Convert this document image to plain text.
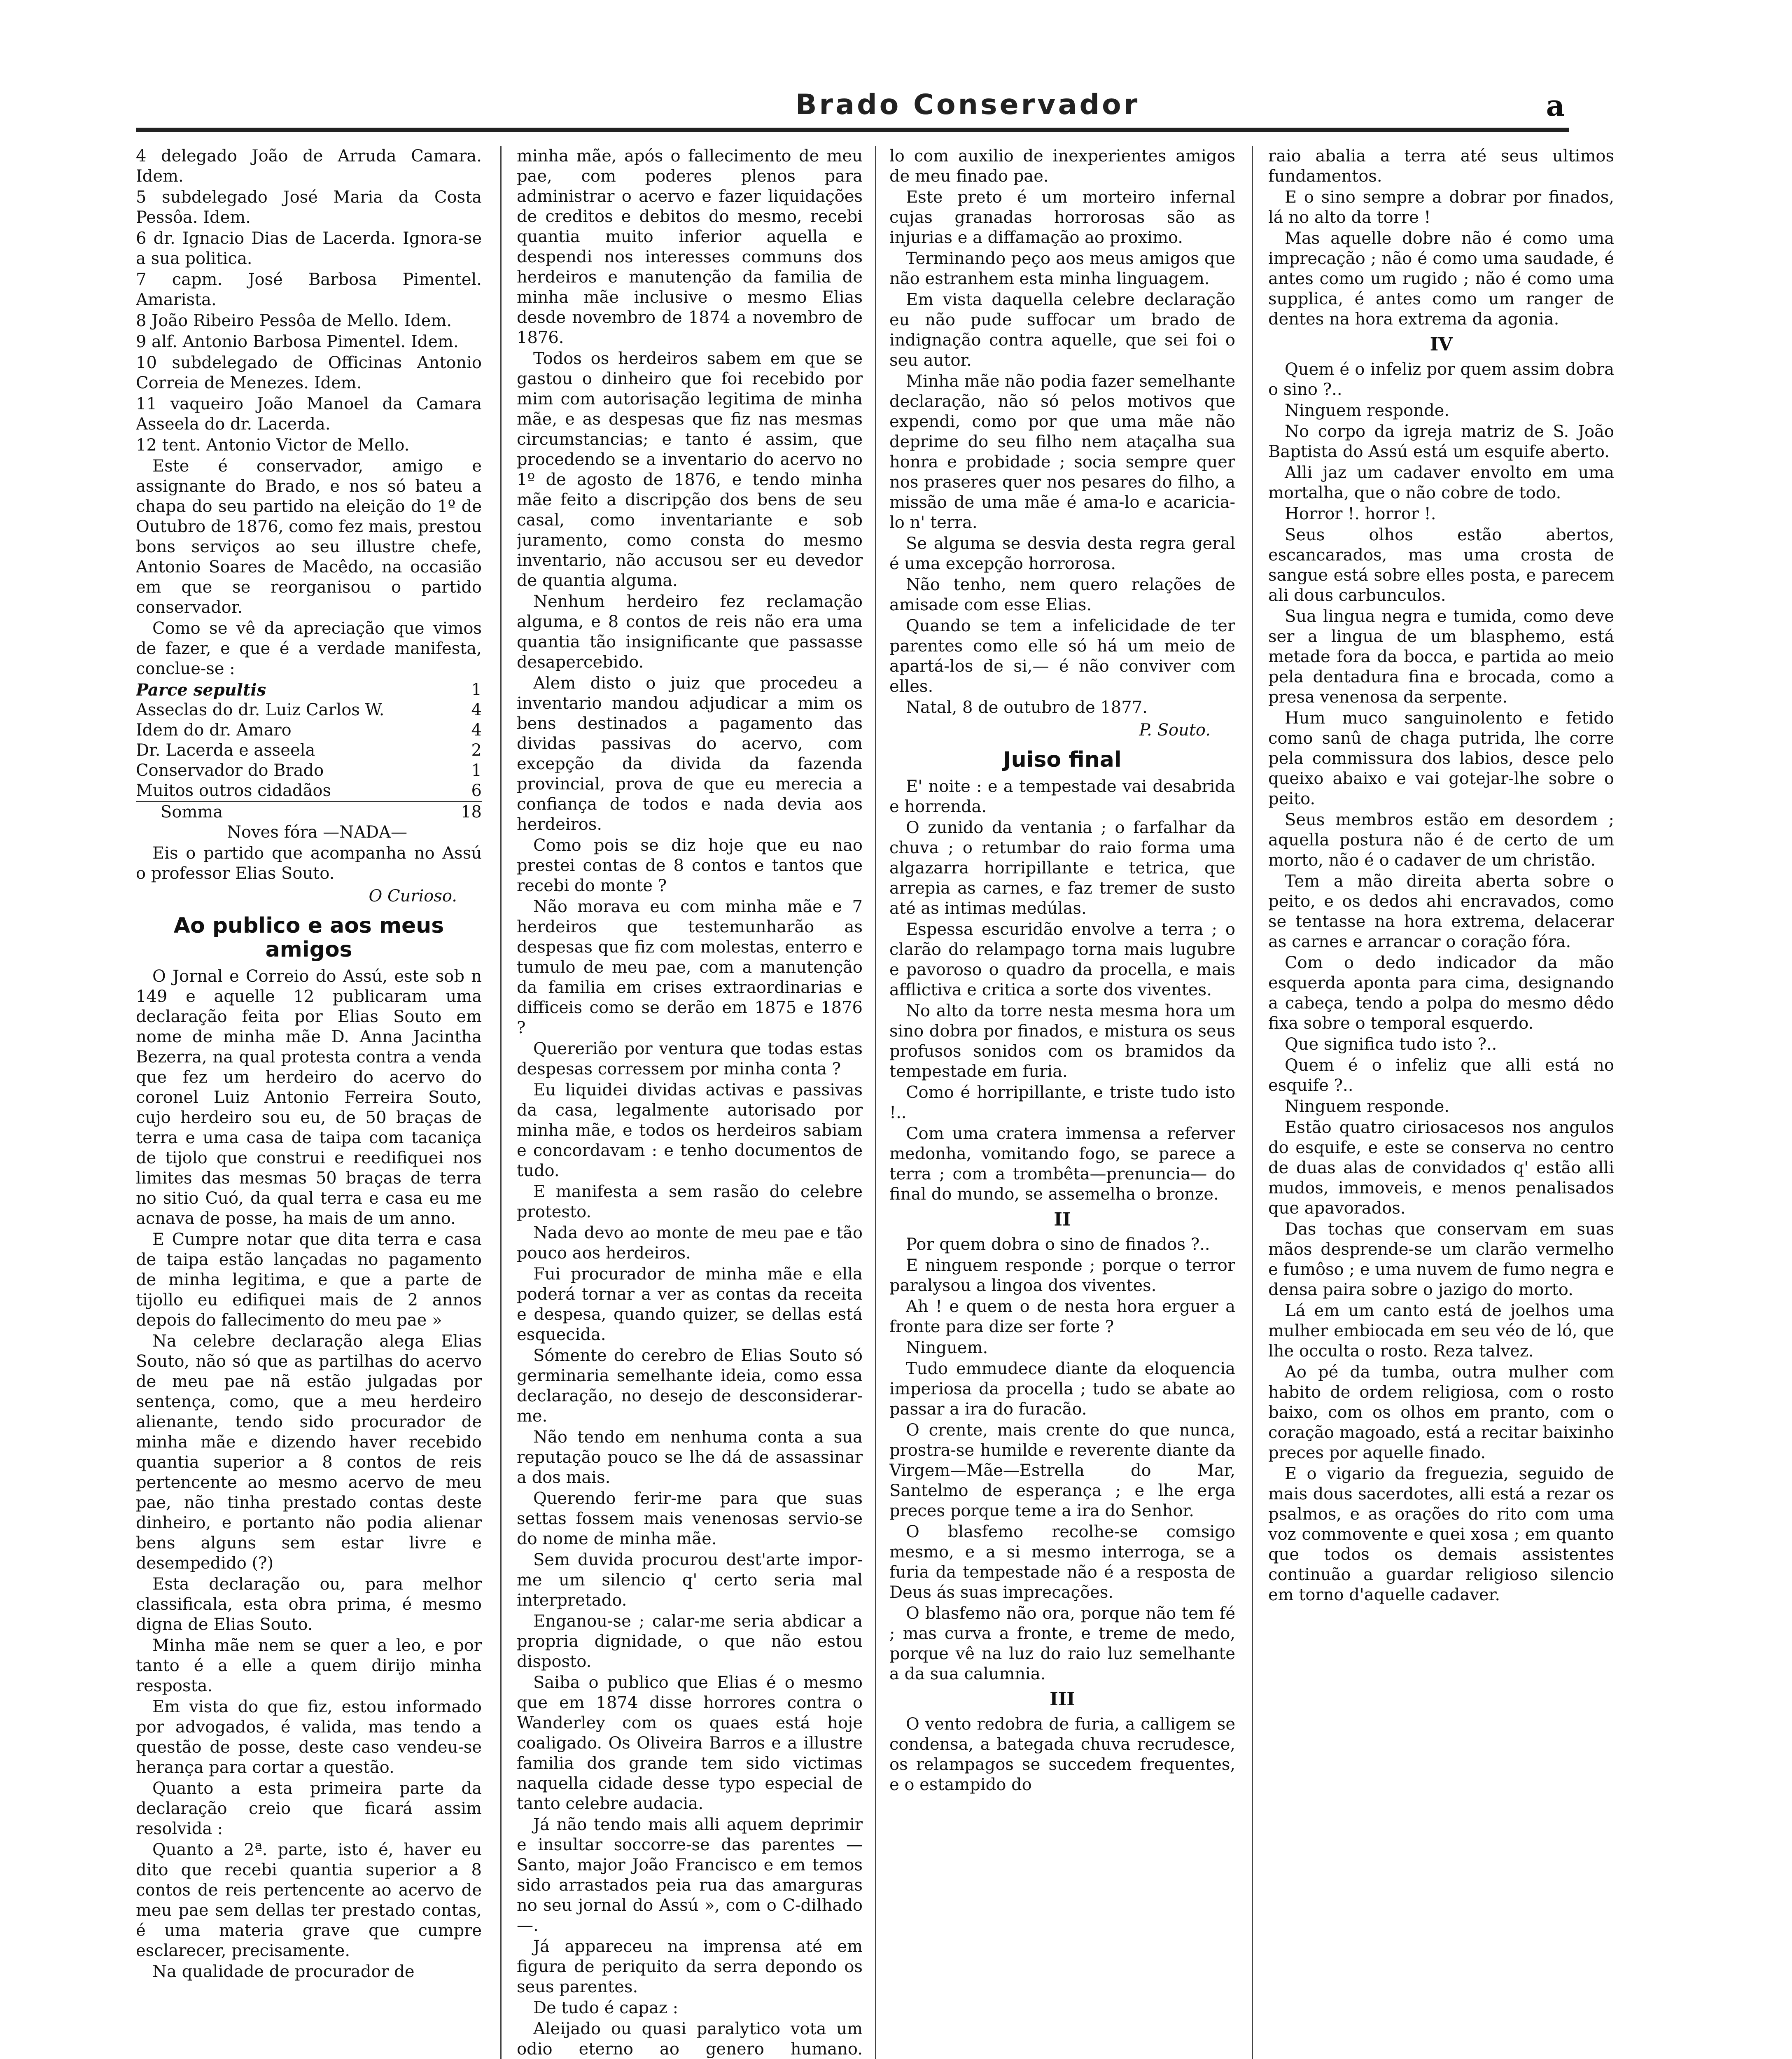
Brado Conservador	a

4 delegado João de Arruda Camara. Idem.

5 subdelegado José Maria da Costa Pessôa. Idem.

6 dr. Ignacio Dias de Lacerda. Ignora-se a sua politica.

7 capm. José Barbosa Pimentel. Amarista.

8 João Ribeiro Pessôa de Mello. Idem.

9 alf. Antonio Barbosa Pimentel. Idem.

10 subdelegado de Officinas Antonio Correia de Menezes. Idem.

11 vaqueiro João Manoel da Camara Asseela do dr. Lacerda.

12 tent. Antonio Victor de Mello.

Este é conservador, amigo e assignante do Brado, e nos só bateu a chapa do seu partido na eleição do 1º de Outubro de 1876, como fez mais, prestou bons serviços ao seu illustre chefe, Antonio Soares de Macêdo, na occasião em que se reorganisou o partido conservador.

Como se vê da apreciação que vimos de fazer, e que é a verdade manifesta, conclue-se :

Parce sepultis	1
Asseclas do dr. Luiz Carlos W.	4
Idem do dr. Amaro	4
Dr. Lacerda e asseela	2
Conservador do Brado	1
Muitos outros cidadãos	6
Somma	18

Noves fóra —NADA—

Eis o partido que acompanha no Assú o professor Elias Souto.

O Curioso.
Ao publico e aos meus amigos

O Jornal e Correio do Assú, este sob n 149 e aquelle 12 publicaram uma declaração feita por Elias Souto em nome de minha mãe D. Anna Jacintha Bezerra, na qual protesta contra a venda que fez um herdeiro do acervo do coronel Luiz Antonio Ferreira Souto, cujo herdeiro sou eu, de 50 braças de terra e uma casa de taipa com tacaniça de tijolo que construi e reedifiquei nos limites das mesmas 50 braças de terra no sitio Cuó, da qual terra e casa eu me acnava de posse, ha mais de um anno.

E Cumpre notar que dita terra e casa de taipa estão lançadas no pagamento de minha legitima, e que a parte de tijollo eu edifiquei mais de 2 annos depois do fallecimento do meu pae »

Na celebre declaração alega Elias Souto, não só que as partilhas do acervo de meu pae nã estão julgadas por sentença, como, que a meu herdeiro alienante, tendo sido procurador de minha mãe e dizendo haver recebido quantia superior a 8 contos de reis pertencente ao mesmo acervo de meu pae, não tinha prestado contas deste dinheiro, e portanto não podia alienar bens alguns sem estar livre e desempedido (?)

Esta declaração ou, para melhor classificala, esta obra prima, é mesmo digna de Elias Souto.

Minha mãe nem se quer a leo, e por tanto é a elle a quem dirijo minha resposta.

Em vista do que fiz, estou informado por advogados, é valida, mas tendo a questão de posse, deste caso vendeu-se herança para cortar a questão.

Quanto a esta primeira parte da declaração creio que ficará assim resolvida :

Quanto a 2ª. parte, isto é, haver eu dito que recebi quantia superior a 8 contos de reis pertencente ao acervo de meu pae sem dellas ter prestado contas, é uma materia grave que cumpre esclarecer, precisamente.

Na qualidade de procurador de

minha mãe, após o fallecimento de meu pae, com poderes plenos para administrar o acervo e fazer liquidações de creditos e debitos do mesmo, recebi quantia muito inferior aquella e despendi nos interesses communs dos herdeiros e manutenção da familia de minha mãe inclusive o mesmo Elias desde novembro de 1874 a novembro de 1876.

Todos os herdeiros sabem em que se gastou o dinheiro que foi recebido por mim com autorisação legitima de minha mãe, e as despesas que fiz nas mesmas circumstancias; e tanto é assim, que procedendo se a inventario do acervo no 1º de agosto de 1876, e tendo minha mãe feito a discripção dos bens de seu casal, como inventariante e sob juramento, como consta do mesmo inventario, não accusou ser eu devedor de quantia alguma.

Nenhum herdeiro fez reclamação alguma, e 8 contos de reis não era uma quantia tão insignificante que passasse desapercebido.

Alem disto o juiz que procedeu a inventario mandou adjudicar a mim os bens destinados a pagamento das dividas passivas do acervo, com excepção da divida da fazenda provincial, prova de que eu merecia a confiança de todos e nada devia aos herdeiros.

Como pois se diz hoje que eu nao prestei contas de 8 contos e tantos que recebi do monte ?

Não morava eu com minha mãe e 7 herdeiros que testemunharão as despesas que fiz com molestas, enterro e tumulo de meu pae, com a manutenção da familia em crises extraordinarias e difficeis como se derão em 1875 e 1876 ?

Quererião por ventura que todas estas despesas corressem por minha conta ?

Eu liquidei dividas activas e passivas da casa, legalmente autorisado por minha mãe, e todos os herdeiros sabiam e concordavam : e tenho documentos de tudo.

E manifesta a sem rasão do celebre protesto.

Nada devo ao monte de meu pae e tão pouco aos herdeiros.

Fui procurador de minha mãe e ella poderá tornar a ver as contas da receita e despesa, quando quizer, se dellas está esquecida.

Sómente do cerebro de Elias Souto só germinaria semelhante ideia, como essa declaração, no desejo de desconsiderar-me.

Não tendo em nenhuma conta a sua reputação pouco se lhe dá de assassinar a dos mais.

Querendo ferir-me para que suas settas fossem mais venenosas servio-se do nome de minha mãe.

Sem duvida procurou dest'arte impor-me um silencio q' certo seria mal interpretado.

Enganou-se ; calar-me seria abdicar a propria dignidade, o que não estou disposto.

Saiba o publico que Elias é o mesmo que em 1874 disse horrores contra o Wanderley com os quaes está hoje coaligado. Os Oliveira Barros e a illustre familia dos grande tem sido victimas naquella cidade desse typo especial de tanto celebre audacia.

Já não tendo mais alli aquem deprimir e insultar soccorre-se das parentes —Santo, major João Francisco e em temos sido arrastados peia rua das amarguras no seu jornal do Assú », com o C-dilhado—.

Já appareceu na imprensa até em figura de periquito da serra depondo os seus parentes.

De tudo é capaz :

Aleijado ou quasi paralytico vota um odio eterno ao genero humano.

lo com auxilio de inexperientes amigos de meu finado pae.

Este preto é um morteiro infernal cujas granadas horrorosas são as injurias e a diffamação ao proximo.

Terminando peço aos meus amigos que não estranhem esta minha linguagem.

Em vista daquella celebre declaração eu não pude suffocar um brado de indignação contra aquelle, que sei foi o seu autor.

Minha mãe não podia fazer semelhante declaração, não só pelos motivos que expendi, como por que uma mãe não deprime do seu filho nem ataçalha sua honra e probidade ; socia sempre quer nos praseres quer nos pesares do filho, a missão de uma mãe é ama-lo e acaricia-lo n' terra.

Se alguma se desvia desta regra geral é uma excepção horrorosa.

Não tenho, nem quero relações de amisade com esse Elias.

Quando se tem a infelicidade de ter parentes como elle só há um meio de apartá-los de si,— é não conviver com elles.

Natal, 8 de outubro de 1877.

P. Souto.
Juiso final

E' noite : e a tempestade vai desabrida e horrenda.

O zunido da ventania ; o farfalhar da chuva ; o retumbar do raio forma uma algazarra horripillante e tetrica, que arrepia as carnes, e faz tremer de susto até as intimas medúlas.

Espessa escuridão envolve a terra ; o clarão do relampago torna mais lugubre e pavoroso o quadro da procella, e mais afflictiva e critica a sorte dos viventes.

No alto da torre nesta mesma hora um sino dobra por finados, e mistura os seus profusos sonidos com os bramidos da tempestade em furia.

Como é horripillante, e triste tudo isto !..

Com uma cratera immensa a referver medonha, vomitando fogo, se parece a terra ; com a trombêta—prenuncia— do final do mundo, se assemelha o bronze.

II

Por quem dobra o sino de finados ?..

E ninguem responde ; porque o terror paralysou a lingoa dos viventes.

Ah ! e quem o de nesta hora erguer a fronte para dize ser forte ?

Ninguem.

Tudo emmudece diante da eloquencia imperiosa da procella ; tudo se abate ao passar a ira do furacão.

O crente, mais crente do que nunca, prostra-se humilde e reverente diante da Virgem—Mãe—Estrella do Mar, Santelmo de esperança ; e lhe erga preces porque teme a ira do Senhor.

O blasfemo recolhe-se comsigo mesmo, e a si mesmo interroga, se a furia da tempestade não é a resposta de Deus ás suas imprecações.

O blasfemo não ora, porque não tem fé ; mas curva a fronte, e treme de medo, porque vê na luz do raio luz semelhante a da sua calumnia.

III

O vento redobra de furia, a calligem se condensa, a bategada chuva recrudesce, os relampagos se succedem frequentes, e o estampido do

raio abalia a terra até seus ultimos fundamentos.

E o sino sempre a dobrar por finados, lá no alto da torre !

Mas aquelle dobre não é como uma imprecação ; não é como uma saudade, é antes como um rugido ; não é como uma supplica, é antes como um ranger de dentes na hora extrema da agonia.

IV

Quem é o infeliz por quem assim dobra o sino ?..

Ninguem responde.

No corpo da igreja matriz de S. João Baptista do Assú está um esquife aberto.

Alli jaz um cadaver envolto em uma mortalha, que o não cobre de todo.

Horror !. horror !.

Seus olhos estão abertos, escancarados, mas uma crosta de sangue está sobre elles posta, e parecem ali dous carbunculos.

Sua lingua negra e tumida, como deve ser a lingua de um blasphemo, está metade fora da bocca, e partida ao meio pela dentadura fina e brocada, como a presa venenosa da serpente.

Hum muco sanguinolento e fetido como sanû de chaga putrida, lhe corre pela commissura dos labios, desce pelo queixo abaixo e vai gotejar-lhe sobre o peito.

Seus membros estão em desordem ; aquella postura não é de certo de um morto, não é o cadaver de um christão.

Tem a mão direita aberta sobre o peito, e os dedos ahi encravados, como se tentasse na hora extrema, delacerar as carnes e arrancar o coração fóra.

Com o dedo indicador da mão esquerda aponta para cima, designando a cabeça, tendo a polpa do mesmo dêdo fixa sobre o temporal esquerdo.

Que significa tudo isto ?..

Quem é o infeliz que alli está no esquife ?..

Ninguem responde.

Estão quatro ciriosacesos nos angulos do esquife, e este se conserva no centro de duas alas de convidados q' estão alli mudos, immoveis, e menos penalisados que apavorados.

Das tochas que conservam em suas mãos desprende-se um clarão vermelho e fumôso ; e uma nuvem de fumo negra e densa paira sobre o jazigo do morto.

Lá em um canto está de joelhos uma mulher embiocada em seu véo de ló, que lhe occulta o rosto. Reza talvez.

Ao pé da tumba, outra mulher com habito de ordem religiosa, com o rosto baixo, com os olhos em pranto, com o coração magoado, está a recitar baixinho preces por aquelle finado.

E o vigario da freguezia, seguido de mais dous sacerdotes, alli está a rezar os psalmos, e as orações do rito com uma voz commovente e quei xosa ; em quanto que todos os demais assistentes continuão a guardar religioso silencio em torno d'aquelle cadaver.
